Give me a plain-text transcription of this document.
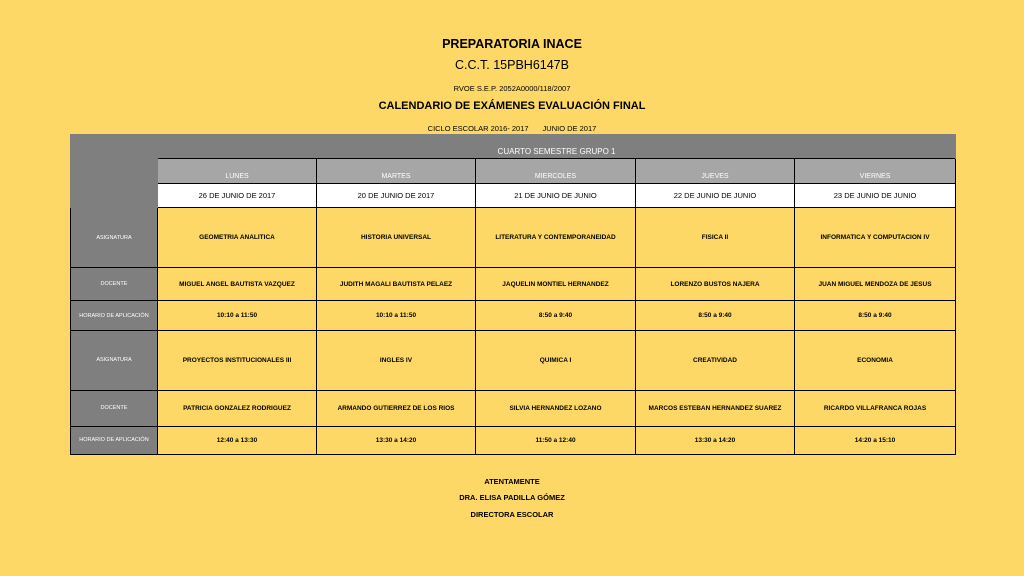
PREPARATORIA INACE
C.C.T. 15PBH6147B
RVOE S.E.P. 2052A0000/118/2007
CALENDARIO DE EXÁMENES EVALUACIÓN FINAL
CICLO ESCOLAR 2016- 2017 JUNIO DE 2017
	CUARTO SEMESTRE GRUPO 1				
	LUNES	MARTES	MIERCOLES	JUEVES	VIERNES
	26 DE JUNIO DE 2017	20 DE JUNIO DE 2017	21 DE JUNIO DE JUNIO	22 DE JUNIO DE JUNIO	23 DE JUNIO DE JUNIO
ASIGNATURA	GEOMETRIA ANALITICA	HISTORIA UNIVERSAL	LITERATURA Y CONTEMPORANEIDAD	FISICA II	INFORMATICA Y COMPUTACION IV
DOCENTE	MIGUEL ANGEL BAUTISTA VAZQUEZ	JUDITH MAGALI BAUTISTA PELAEZ	JAQUELIN MONTIEL HERNANDEZ	LORENZO BUSTOS NAJERA	JUAN MIGUEL MENDOZA DE JESUS
HORARIO DE APLICACIÓN	10:10 a 11:50	10:10 a 11:50	8:50 a 9:40	8:50 a 9:40	8:50 a 9:40
ASIGNATURA	PROYECTOS INSTITUCIONALES III	INGLES IV	QUIMICA I	CREATIVIDAD	ECONOMIA
DOCENTE	PATRICIA GONZALEZ RODRIGUEZ	ARMANDO GUTIERREZ DE LOS RIOS	SILVIA HERNANDEZ LOZANO	MARCOS ESTEBAN HERNANDEZ SUAREZ	RICARDO VILLAFRANCA ROJAS
HORARIO DE APLICACIÓN	12:40 a 13:30	13:30 a 14:20	11:50 a 12:40	13:30 a 14:20	14:20 a 15:10
ATENTAMENTE
DRA. ELISA PADILLA GÓMEZ
DIRECTORA ESCOLAR
